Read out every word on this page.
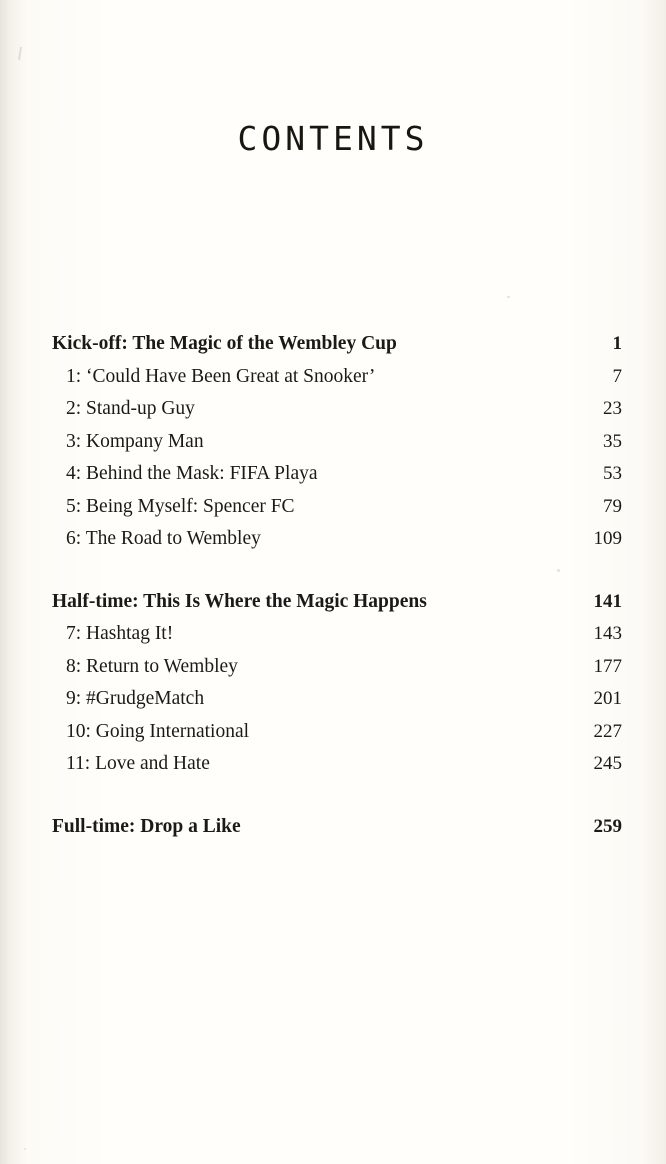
CONTENTS
Kick-off: The Magic of the Wembley Cup	1
1: ‘Could Have Been Great at Snooker’	7
2: Stand-up Guy	23
3: Kompany Man	35
4: Behind the Mask: FIFA Playa	53
5: Being Myself: Spencer FC	79
6: The Road to Wembley	109
Half-time: This Is Where the Magic Happens	141
7: Hashtag It!	143
8: Return to Wembley	177
9: #GrudgeMatch	201
10: Going International	227
11: Love and Hate	245
Full-time: Drop a Like	259
